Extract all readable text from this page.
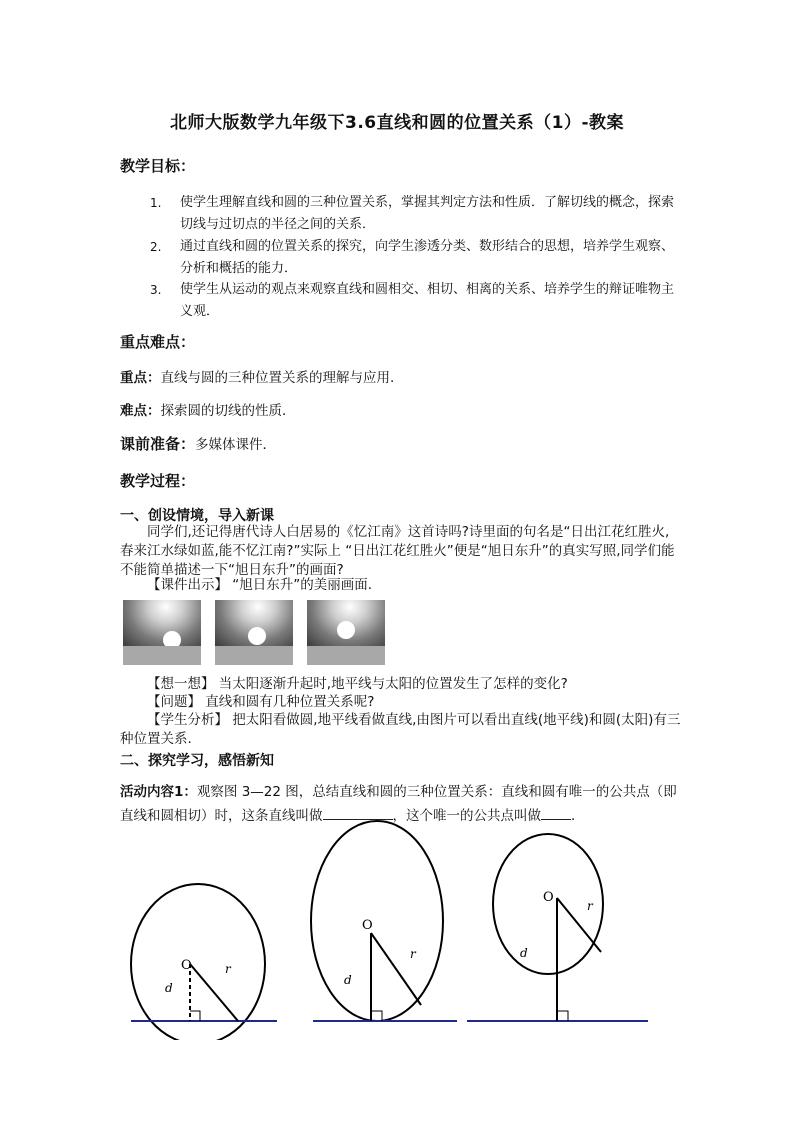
北师大版数学九年级下3.6直线和圆的位置关系（1）-教案
教学目标：
1.	使学生理解直线和圆的三种位置关系，掌握其判定方法和性质．了解切线的概念，探索切线与过切点的半径之间的关系．
2.	通过直线和圆的位置关系的探究，向学生渗透分类、数形结合的思想，培养学生观察、分析和概括的能力．
3.	使学生从运动的观点来观察直线和圆相交、相切、相离的关系、培养学生的辩证唯物主义观．
重点难点：
重点：直线与圆的三种位置关系的理解与应用.
难点：探索圆的切线的性质．
课前准备：多媒体课件．
教学过程：
一、创设情境，导入新课
同学们,还记得唐代诗人白居易的《忆江南》这首诗吗?诗里面的句名是“日出江花红胜火,春来江水绿如蓝,能不忆江南?”实际上 “日出江花红胜火”便是“旭日东升”的真实写照,同学们能不能简单描述一下“旭日东升”的画面?
【课件出示】 “旭日东升”的美丽画面.
【想一想】 当太阳逐渐升起时,地平线与太阳的位置发生了怎样的变化?
【问题】 直线和圆有几种位置关系呢?
【学生分析】 把太阳看做圆,地平线看做直线,由图片可以看出直线(地平线)和圆(太阳)有三种位置关系.
二、探究学习，感悟新知
活动内容1：观察图 3—22 图，总结直线和圆的三种位置关系：直线和圆有唯一的公共点（即直线和圆相切）时，这条直线叫做	，这个唯一的公共点叫做 ．
O	r
d
O
r
d
O
r
d
